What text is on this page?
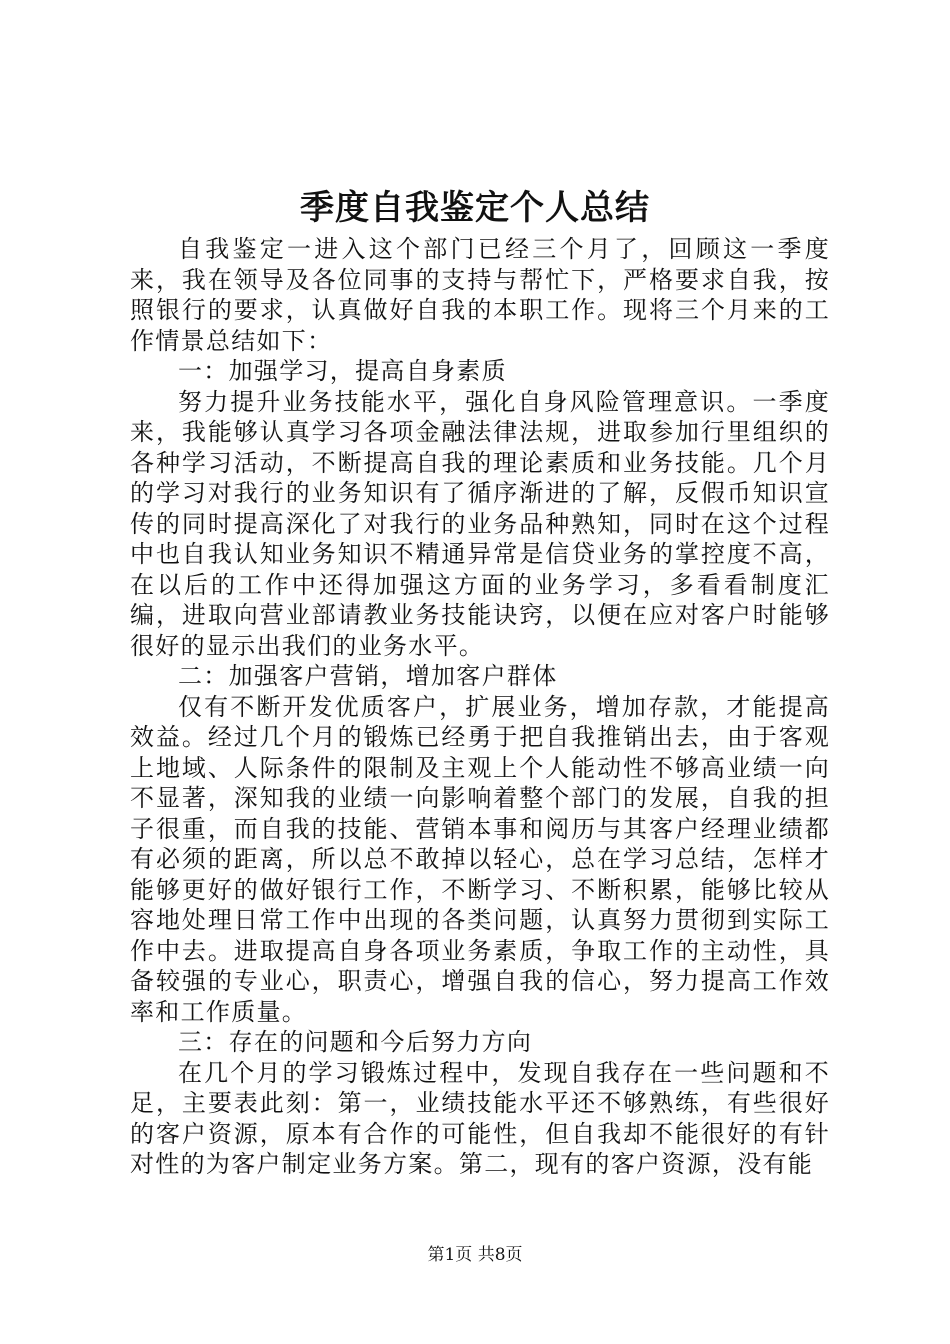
季度自我鉴定个人总结

自我鉴定一进入这个部门已经三个月了，回顾这一季度来，我在领导及各位同事的支持与帮忙下，严格要求自我，按照银行的要求，认真做好自我的本职工作。现将三个月来的工作情景总结如下：

一：加强学习，提高自身素质

努力提升业务技能水平，强化自身风险管理意识。一季度来，我能够认真学习各项金融法律法规，进取参加行里组织的各种学习活动，不断提高自我的理论素质和业务技能。几个月的学习对我行的业务知识有了循序渐进的了解，反假币知识宣传的同时提高深化了对我行的业务品种熟知，同时在这个过程中也自我认知业务知识不精通异常是信贷业务的掌控度不高，在以后的工作中还得加强这方面的业务学习，多看看制度汇编，进取向营业部请教业务技能诀窍，以便在应对客户时能够很好的显示出我们的业务水平。

二：加强客户营销，增加客户群体

仅有不断开发优质客户，扩展业务，增加存款，才能提高效益。经过几个月的锻炼已经勇于把自我推销出去，由于客观上地域、人际条件的限制及主观上个人能动性不够高业绩一向不显著，深知我的业绩一向影响着整个部门的发展，自我的担子很重，而自我的技能、营销本事和阅历与其客户经理业绩都有必须的距离，所以总不敢掉以轻心，总在学习总结，怎样才能够更好的做好银行工作，不断学习、不断积累，能够比较从容地处理日常工作中出现的各类问题，认真努力贯彻到实际工作中去。进取提高自身各项业务素质，争取工作的主动性，具备较强的专业心，职责心，增强自我的信心，努力提高工作效率和工作质量。

三：存在的问题和今后努力方向

在几个月的学习锻炼过程中，发现自我存在一些问题和不足，主要表此刻：第一，业绩技能水平还不够熟练，有些很好的客户资源，原本有合作的可能性，但自我却不能很好的有针对性的为客户制定业务方案。第二，现有的客户资源，没有能

第1页 共8页
